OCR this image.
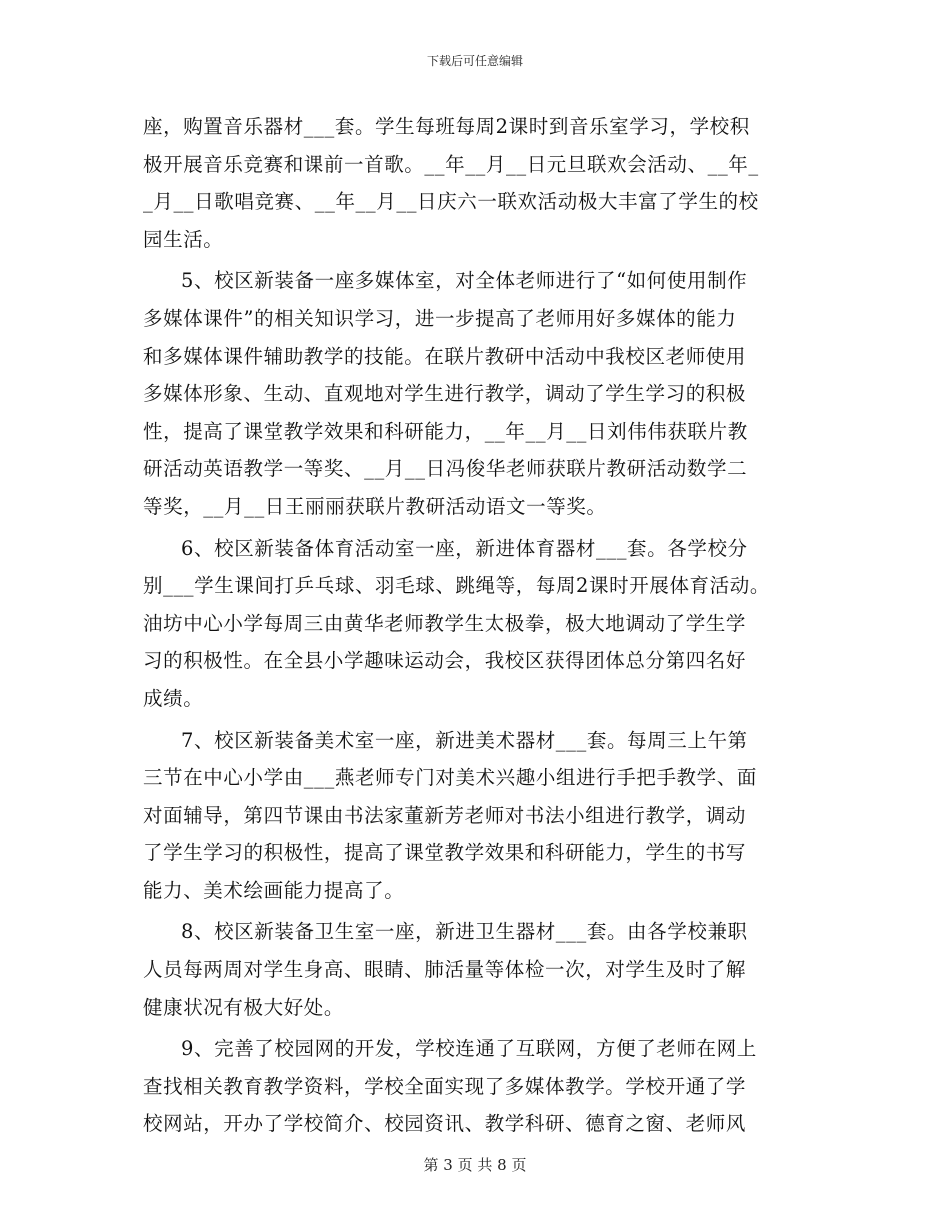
下载后可任意编辑
座，购置音乐器材___套。学生每班每周2课时到音乐室学习，学校积
极开展音乐竞赛和课前一首歌。__年__月__日元旦联欢会活动、__年_
_月__日歌唱竞赛、__年__月__日庆六一联欢活动极大丰富了学生的校
园生活。
5、校区新装备一座多媒体室，对全体老师进行了“如何使用制作
多媒体课件”的相关知识学习，进一步提高了老师用好多媒体的能力
和多媒体课件辅助教学的技能。在联片教研中活动中我校区老师使用
多媒体形象、生动、直观地对学生进行教学，调动了学生学习的积极
性，提高了课堂教学效果和科研能力，__年__月__日刘伟伟获联片教
研活动英语教学一等奖、__月__日冯俊华老师获联片教研活动数学二
等奖，__月__日王丽丽获联片教研活动语文一等奖。
6、校区新装备体育活动室一座，新进体育器材___套。各学校分
别___学生课间打乒乓球、羽毛球、跳绳等，每周2课时开展体育活动。
油坊中心小学每周三由黄华老师教学生太极拳，极大地调动了学生学
习的积极性。在全县小学趣味运动会，我校区获得团体总分第四名好
成绩。
7、校区新装备美术室一座，新进美术器材___套。每周三上午第
三节在中心小学由___燕老师专门对美术兴趣小组进行手把手教学、面
对面辅导，第四节课由书法家董新芳老师对书法小组进行教学，调动
了学生学习的积极性，提高了课堂教学效果和科研能力，学生的书写
能力、美术绘画能力提高了。
8、校区新装备卫生室一座，新进卫生器材___套。由各学校兼职
人员每两周对学生身高、眼睛、肺活量等体检一次，对学生及时了解
健康状况有极大好处。
9、完善了校园网的开发，学校连通了互联网，方便了老师在网上
查找相关教育教学资料，学校全面实现了多媒体教学。学校开通了学
校网站，开办了学校简介、校园资讯、教学科研、德育之窗、老师风
第 3 页 共 8 页
